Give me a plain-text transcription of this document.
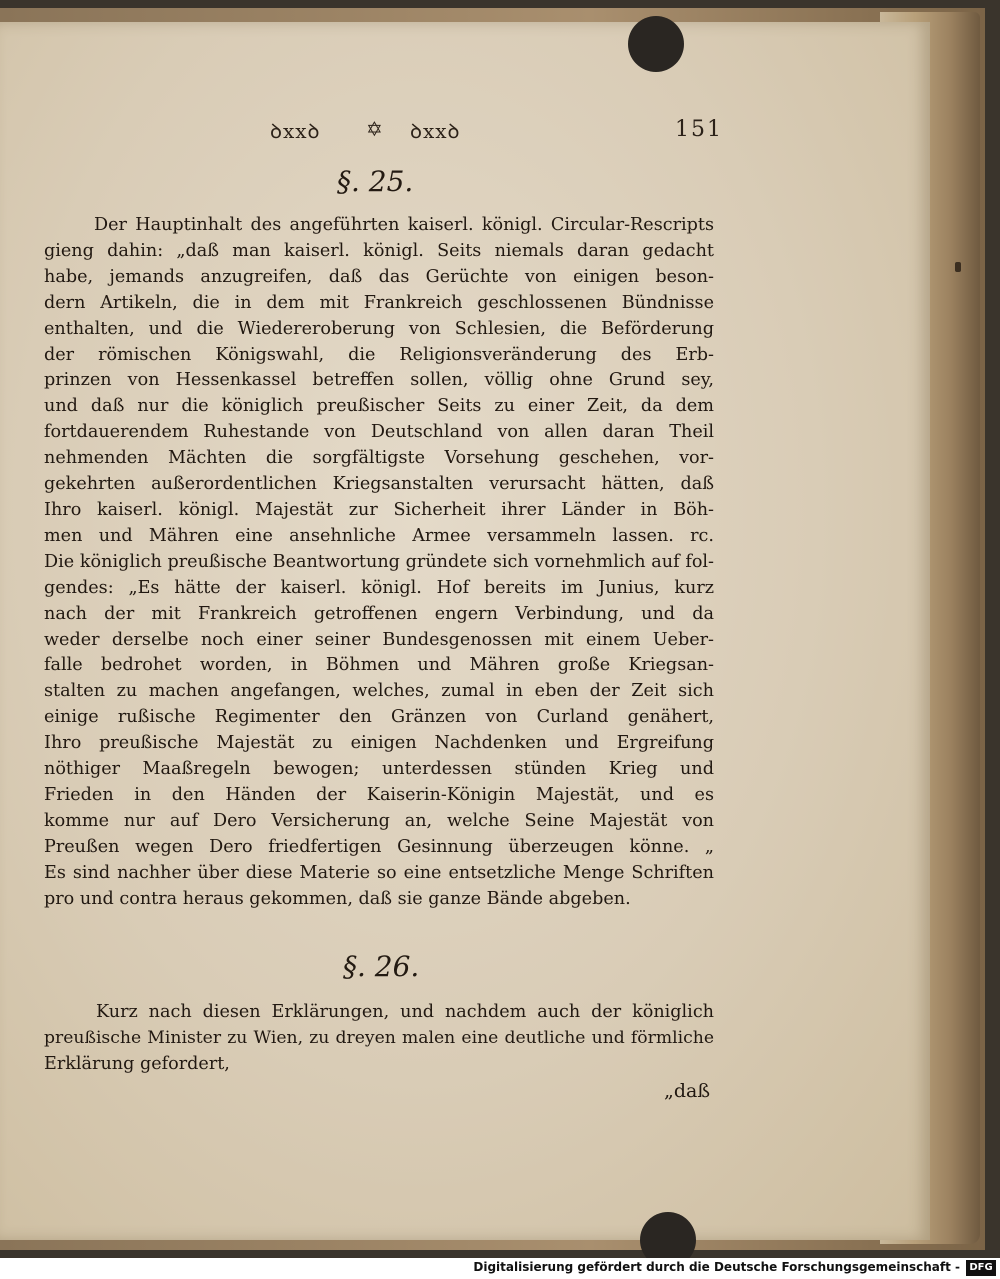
ꝺxxꝺ ✡ ꝺxxꝺ	151
§. 25.
Der Hauptinhalt des angeführten kaiserl. königl. Circular-Rescripts
gieng dahin: „daß man kaiserl. königl. Seits niemals daran gedacht
habe, jemands anzugreifen, daß das Gerüchte von einigen beson-
dern Artikeln, die in dem mit Frankreich geschlossenen Bündnisse
enthalten, und die Wiedereroberung von Schlesien, die Beförderung
der römischen Königswahl, die Religionsveränderung des Erb-
prinzen von Hessenkassel betreffen sollen, völlig ohne Grund sey,
und daß nur die königlich preußischer Seits zu einer Zeit, da dem
fortdauerendem Ruhestande von Deutschland von allen daran Theil
nehmenden Mächten die sorgfältigste Vorsehung geschehen, vor-
gekehrten außerordentlichen Kriegsanstalten verursacht hätten, daß
Ihro kaiserl. königl. Majestät zur Sicherheit ihrer Länder in Böh-
men und Mähren eine ansehnliche Armee versammeln lassen. rc.
Die königlich preußische Beantwortung gründete sich vornehmlich auf fol-
gendes: „Es hätte der kaiserl. königl. Hof bereits im Junius, kurz
nach der mit Frankreich getroffenen engern Verbindung, und da
weder derselbe noch einer seiner Bundesgenossen mit einem Ueber-
falle bedrohet worden, in Böhmen und Mähren große Kriegsan-
stalten zu machen angefangen, welches, zumal in eben der Zeit sich
einige rußische Regimenter den Gränzen von Curland genähert,
Ihro preußische Majestät zu einigen Nachdenken und Ergreifung
nöthiger Maaßregeln bewogen; unterdessen stünden Krieg und
Frieden in den Händen der Kaiserin-Königin Majestät, und es
komme nur auf Dero Versicherung an, welche Seine Majestät von
Preußen wegen Dero friedfertigen Gesinnung überzeugen könne. „
Es sind nachher über diese Materie so eine entsetzliche Menge Schriften
pro und contra heraus gekommen, daß sie ganze Bände abgeben.
§. 26.
Kurz nach diesen Erklärungen, und nachdem auch der königlich
preußische Minister zu Wien, zu dreyen malen eine deutliche und förmliche
Erklärung gefordert,
„daß
Digitalisierung gefördert durch die Deutsche Forschungsgemeinschaft - DFG
